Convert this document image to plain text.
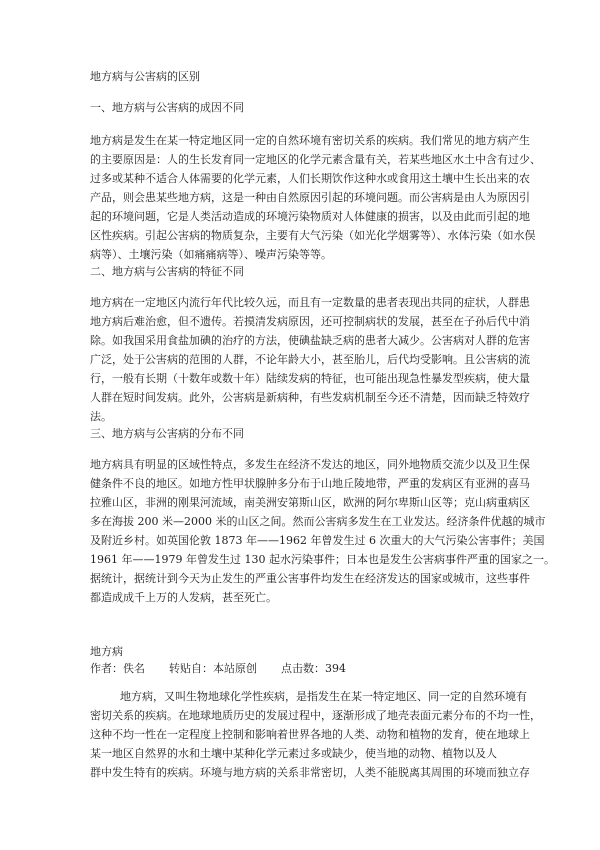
地方病与公害病的区别
一、地方病与公害病的成因不同
地方病是发生在某一特定地区同一定的自然环境有密切关系的疾病。我们常见的地方病产生
的主要原因是：人的生长发育同一定地区的化学元素含量有关，若某些地区水土中含有过少、
过多或某种不适合人体需要的化学元素，人们长期饮作这种水或食用这土壤中生长出来的农
产品，则会患某些地方病，这是一种由自然原因引起的环境问题。而公害病是由人为原因引
起的环境问题，它是人类活动造成的环境污染物质对人体健康的损害，以及由此而引起的地
区性疾病。引起公害病的物质复杂，主要有大气污染（如光化学烟雾等）、水体污染（如水俣
病等）、土壤污染（如痛痛病等）、噪声污染等等。
二、地方病与公害病的特征不同
地方病在一定地区内流行年代比较久远，而且有一定数量的患者表现出共同的症状，人群患
地方病后难治愈，但不遗传。若摸清发病原因，还可控制病状的发展，甚至在子孙后代中消
除。如我国采用食盐加碘的治疗的方法，使碘盐缺乏病的患者大减少。公害病对人群的危害
广泛，处于公害病的范围的人群，不论年龄大小，甚至胎儿，后代均受影响。且公害病的流
行，一般有长期（十数年或数十年）陆续发病的特征，也可能出现急性暴发型疾病，使大量
人群在短时间发病。此外，公害病是新病种，有些发病机制至今还不清楚，因而缺乏特效疗
法。
三、地方病与公害病的分布不同
地方病具有明显的区域性特点，多发生在经济不发达的地区，同外地物质交流少以及卫生保
健条件不良的地区。如地方性甲状腺肿多分布于山地丘陵地带，严重的发病区有亚洲的喜马
拉雅山区，非洲的刚果河流域，南美洲安第斯山区，欧洲的阿尔卑斯山区等；克山病重病区
多在海拔 200 米—2000 米的山区之间。然而公害病多发生在工业发达。经济条件优越的城市
及附近乡村。如英国伦敦 1873 年——1962 年曾发生过 6 次重大的大气污染公害事件；美国
1961 年——1979 年曾发生过 130 起水污染事件；日本也是发生公害病事件严重的国家之一。
据统计，据统计到今天为止发生的严重公害事件均发生在经济发达的国家或城市，这些事件
都造成成千上万的人发病，甚至死亡。
地方病
作者：佚名 转贴自：本站原创 点击数：394
地方病，又叫生物地球化学性疾病，是指发生在某一特定地区、同一定的自然环境有
密切关系的疾病。在地球地质历史的发展过程中，逐渐形成了地壳表面元素分布的不均一性，
这种不均一性在一定程度上控制和影响着世界各地的人类、动物和植物的发育，使在地球上
某一地区自然界的水和土壤中某种化学元素过多或缺少，使当地的动物、植物以及人
群中发生特有的疾病。环境与地方病的关系非常密切，人类不能脱离其周围的环境而独立存
